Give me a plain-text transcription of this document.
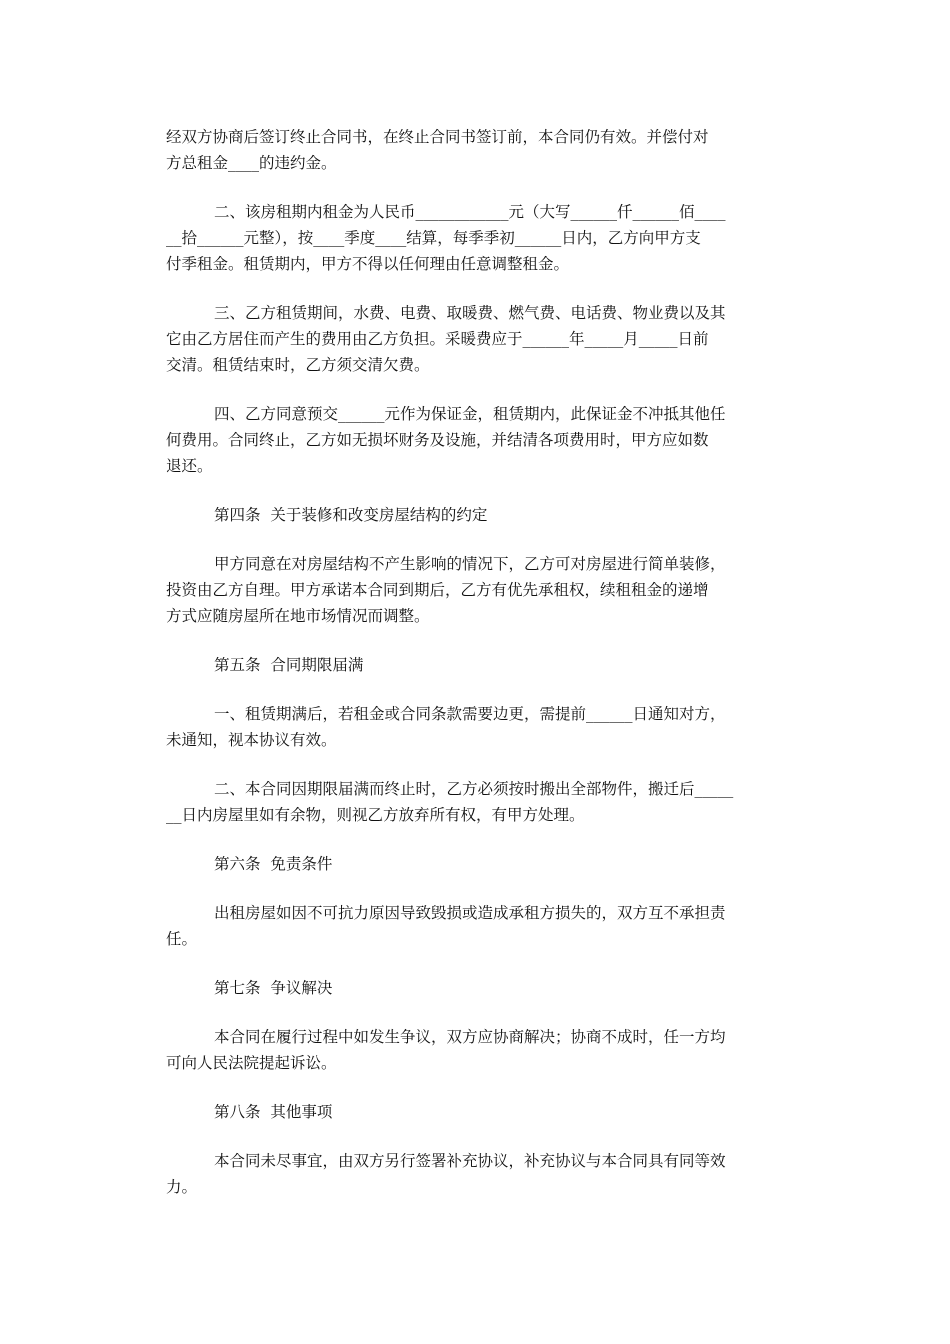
经双方协商后签订终止合同书，在终止合同书签订前，本合同仍有效。并偿付对
方总租金____的违约金。
二、该房租期内租金为人民币____________元（大写______仟______佰____
__拾______元整），按____季度____结算，每季季初______日内，乙方向甲方支
付季租金。租赁期内，甲方不得以任何理由任意调整租金。
三、乙方租赁期间，水费、电费、取暖费、燃气费、电话费、物业费以及其
它由乙方居住而产生的费用由乙方负担。采暖费应于______年_____月_____日前
交清。租赁结束时，乙方须交清欠费。
四、乙方同意预交______元作为保证金，租赁期内，此保证金不冲抵其他任
何费用。合同终止，乙方如无损坏财务及设施，并结清各项费用时，甲方应如数
退还。
第四条  关于装修和改变房屋结构的约定
甲方同意在对房屋结构不产生影响的情况下，乙方可对房屋进行简单装修，
投资由乙方自理。甲方承诺本合同到期后，乙方有优先承租权，续租租金的递增
方式应随房屋所在地市场情况而调整。
第五条  合同期限届满
一、租赁期满后，若租金或合同条款需要边更，需提前______日通知对方，
未通知，视本协议有效。
二、本合同因期限届满而终止时，乙方必须按时搬出全部物件，搬迁后_____
__日内房屋里如有余物，则视乙方放弃所有权，有甲方处理。
第六条  免责条件
出租房屋如因不可抗力原因导致毁损或造成承租方损失的，双方互不承担责
任。
第七条  争议解决
本合同在履行过程中如发生争议，双方应协商解决；协商不成时，任一方均
可向人民法院提起诉讼。
第八条  其他事项
本合同未尽事宜，由双方另行签署补充协议，补充协议与本合同具有同等效
力。
